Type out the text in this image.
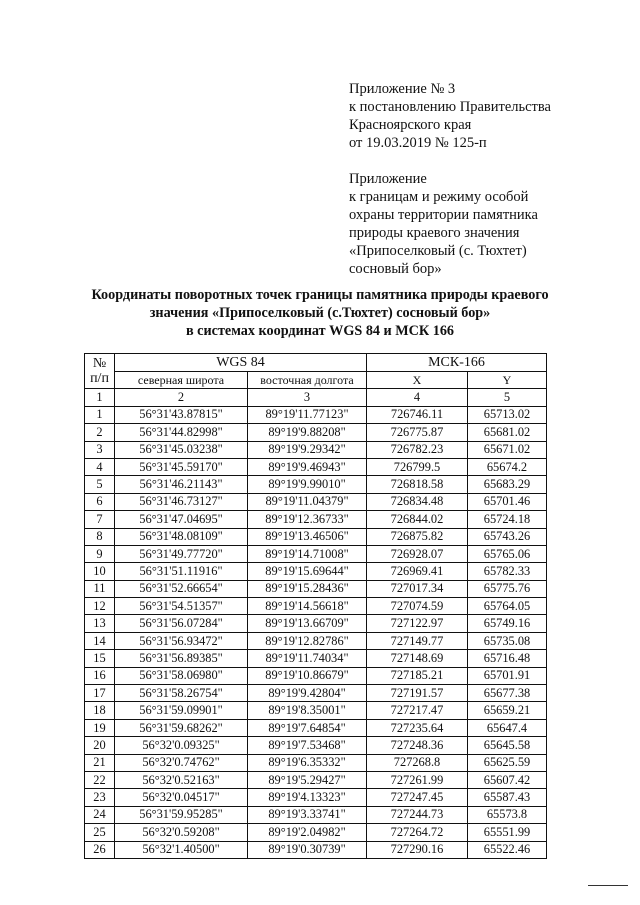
Приложение № 3
к постановлению Правительства
Красноярского края
от 19.03.2019 № 125-п
Приложение
к границам и режиму особой
охраны территории памятника
природы краевого значения
«Припоселковый (с. Тюхтет)
сосновый бор»
Координаты поворотных точек границы памятника природы краевого
значения «Припоселковый (с.Тюхтет) сосновый бор»
в системах координат WGS 84 и МСК 166
№
п/п	WGS 84		МСК-166	
	северная широта	восточная долгота	X	Y
1	2	3	4	5
1	56°31'43.87815"	89°19'11.77123"	726746.11	65713.02
2	56°31'44.82998"	89°19'9.88208"	726775.87	65681.02
3	56°31'45.03238"	89°19'9.29342"	726782.23	65671.02
4	56°31'45.59170"	89°19'9.46943"	726799.5	65674.2
5	56°31'46.21143"	89°19'9.99010"	726818.58	65683.29
6	56°31'46.73127"	89°19'11.04379"	726834.48	65701.46
7	56°31'47.04695"	89°19'12.36733"	726844.02	65724.18
8	56°31'48.08109"	89°19'13.46506"	726875.82	65743.26
9	56°31'49.77720"	89°19'14.71008"	726928.07	65765.06
10	56°31'51.11916"	89°19'15.69644"	726969.41	65782.33
11	56°31'52.66654"	89°19'15.28436"	727017.34	65775.76
12	56°31'54.51357"	89°19'14.56618"	727074.59	65764.05
13	56°31'56.07284"	89°19'13.66709"	727122.97	65749.16
14	56°31'56.93472"	89°19'12.82786"	727149.77	65735.08
15	56°31'56.89385"	89°19'11.74034"	727148.69	65716.48
16	56°31'58.06980"	89°19'10.86679"	727185.21	65701.91
17	56°31'58.26754"	89°19'9.42804"	727191.57	65677.38
18	56°31'59.09901"	89°19'8.35001"	727217.47	65659.21
19	56°31'59.68262"	89°19'7.64854"	727235.64	65647.4
20	56°32'0.09325"	89°19'7.53468"	727248.36	65645.58
21	56°32'0.74762"	89°19'6.35332"	727268.8	65625.59
22	56°32'0.52163"	89°19'5.29427"	727261.99	65607.42
23	56°32'0.04517"	89°19'4.13323"	727247.45	65587.43
24	56°31'59.95285"	89°19'3.33741"	727244.73	65573.8
25	56°32'0.59208"	89°19'2.04982"	727264.72	65551.99
26	56°32'1.40500"	89°19'0.30739"	727290.16	65522.46
